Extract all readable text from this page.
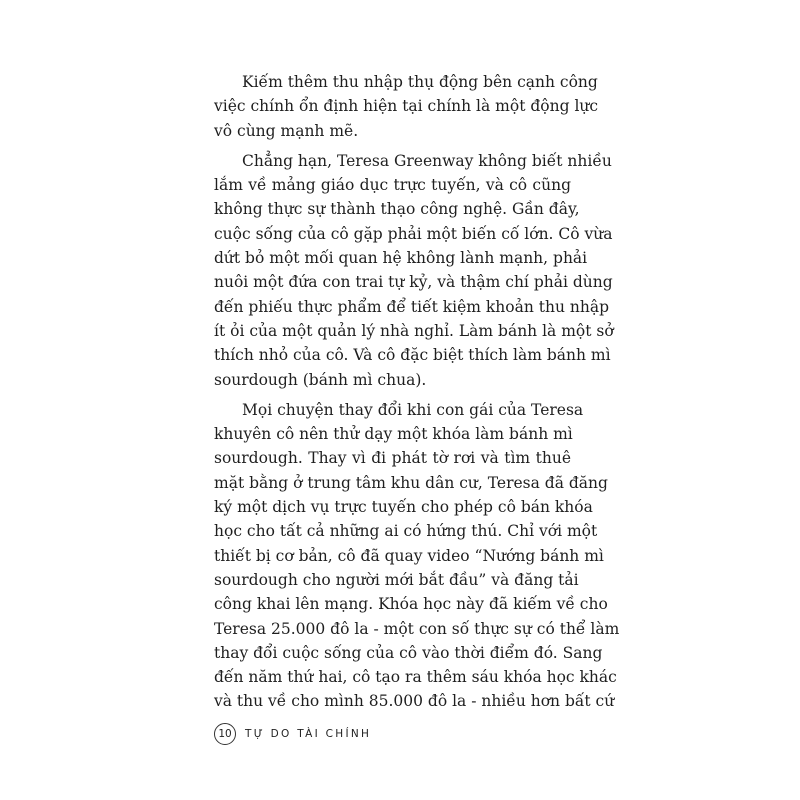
Kiếm thêm thu nhập thụ động bên cạnh công
việc chính ổn định hiện tại chính là một động lực
vô cùng mạnh mẽ.
Chẳng hạn, Teresa Greenway không biết nhiều
lắm về mảng giáo dục trực tuyến, và cô cũng
không thực sự thành thạo công nghệ. Gần đây,
cuộc sống của cô gặp phải một biến cố lớn. Cô vừa
dứt bỏ một mối quan hệ không lành mạnh, phải
nuôi một đứa con trai tự kỷ, và thậm chí phải dùng
đến phiếu thực phẩm để tiết kiệm khoản thu nhập
ít ỏi của một quản lý nhà nghỉ. Làm bánh là một sở
thích nhỏ của cô. Và cô đặc biệt thích làm bánh mì
sourdough (bánh mì chua).
Mọi chuyện thay đổi khi con gái của Teresa
khuyên cô nên thử dạy một khóa làm bánh mì
sourdough. Thay vì đi phát tờ rơi và tìm thuê
mặt bằng ở trung tâm khu dân cư, Teresa đã đăng
ký một dịch vụ trực tuyến cho phép cô bán khóa
học cho tất cả những ai có hứng thú. Chỉ với một
thiết bị cơ bản, cô đã quay video “Nướng bánh mì
sourdough cho người mới bắt đầu” và đăng tải
công khai lên mạng. Khóa học này đã kiếm về cho
Teresa 25.000 đô la - một con số thực sự có thể làm
thay đổi cuộc sống của cô vào thời điểm đó. Sang
đến năm thứ hai, cô tạo ra thêm sáu khóa học khác
và thu về cho mình 85.000 đô la - nhiều hơn bất cứ
10	TỰ DO TÀI CHÍNH
